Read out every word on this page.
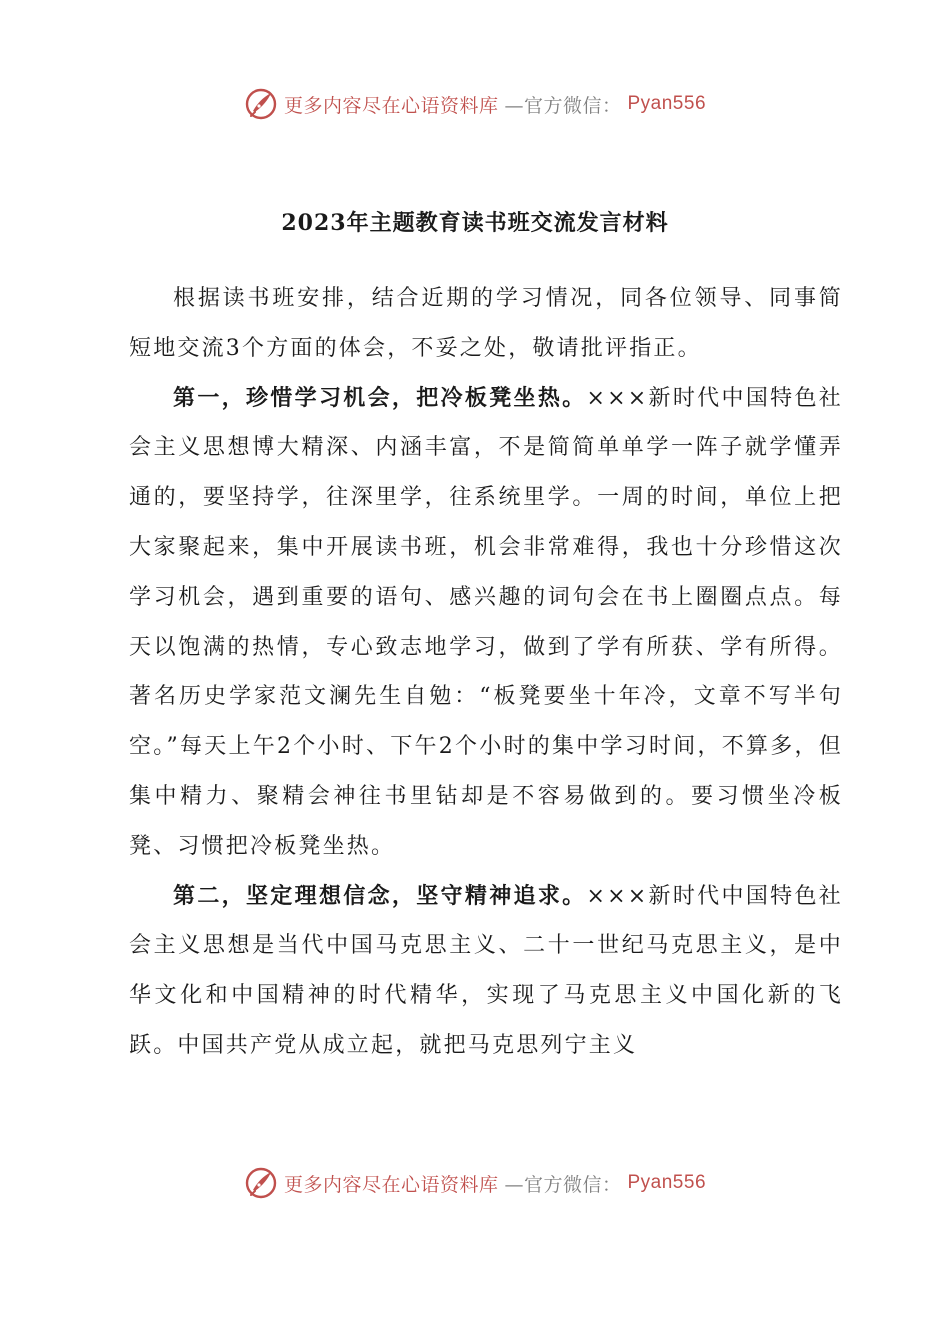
更多内容尽在心语资料库 —官方微信： Pyan556
2023年主题教育读书班交流发言材料

根据读书班安排，结合近期的学习情况，同各位领导、同事简短地交流3个方面的体会，不妥之处，敬请批评指正。

第一，珍惜学习机会，把冷板凳坐热。×××新时代中国特色社会主义思想博大精深、内涵丰富，不是简简单单学一阵子就学懂弄通的，要坚持学，往深里学，往系统里学。一周的时间，单位上把大家聚起来，集中开展读书班，机会非常难得，我也十分珍惜这次学习机会，遇到重要的语句、感兴趣的词句会在书上圈圈点点。每天以饱满的热情，专心致志地学习，做到了学有所获、学有所得。著名历史学家范文澜先生自勉：“板凳要坐十年冷，文章不写半句空。”每天上午2个小时、下午2个小时的集中学习时间，不算多，但集中精力、聚精会神往书里钻却是不容易做到的。要习惯坐冷板凳、习惯把冷板凳坐热。

第二，坚定理想信念，坚守精神追求。×××新时代中国特色社会主义思想是当代中国马克思主义、二十一世纪马克思主义，是中华文化和中国精神的时代精华，实现了马克思主义中国化新的飞跃。中国共产党从成立起，就把马克思列宁主义

更多内容尽在心语资料库 —官方微信： Pyan556
